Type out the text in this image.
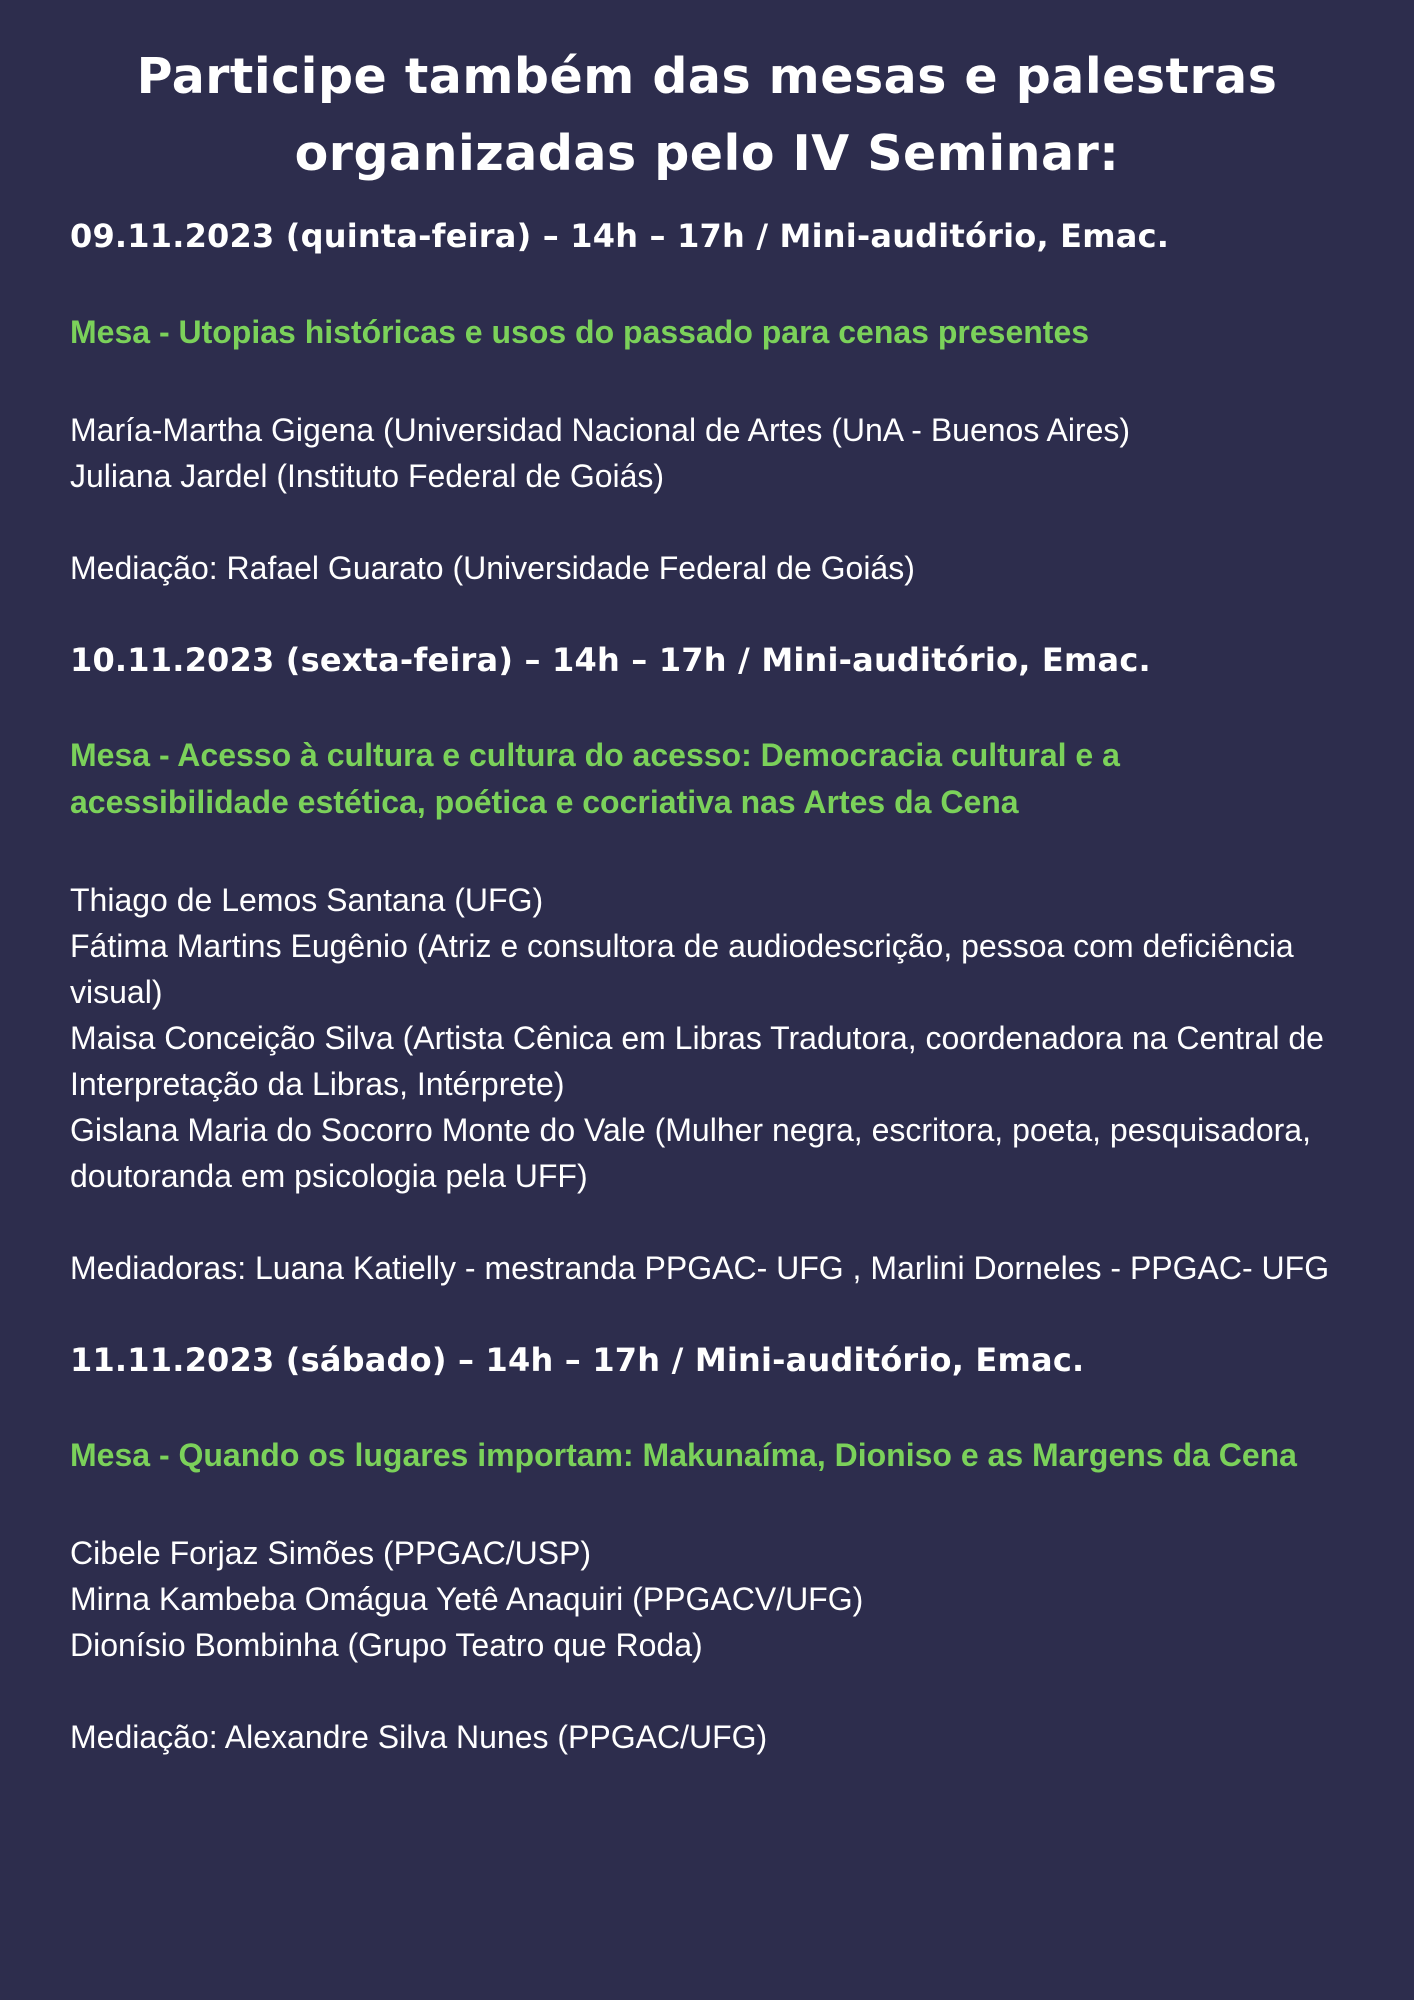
Participe também das mesas e palestras organizadas pelo IV Seminar:
09.11.2023 (quinta-feira) – 14h – 17h / Mini-auditório, Emac.
Mesa - Utopias históricas e usos do passado para cenas presentes
María-Martha Gigena (Universidad Nacional de Artes (UnA - Buenos Aires)
Juliana Jardel (Instituto Federal de Goiás)

Mediação: Rafael Guarato (Universidade Federal de Goiás)

10.11.2023 (sexta-feira) – 14h – 17h / Mini-auditório, Emac.
Mesa - Acesso à cultura e cultura do acesso: Democracia cultural e a acessibilidade estética, poética e cocriativa nas Artes da Cena
Thiago de Lemos Santana (UFG)
Fátima Martins Eugênio (Atriz e consultora de audiodescrição, pessoa com deficiência visual)
Maisa Conceição Silva (Artista Cênica em Libras Tradutora, coordenadora na Central de Interpretação da Libras, Intérprete)
Gislana Maria do Socorro Monte do Vale (Mulher negra, escritora, poeta, pesquisadora, doutoranda em psicologia pela UFF)

Mediadoras: Luana Katielly - mestranda PPGAC- UFG , Marlini Dorneles - PPGAC- UFG

11.11.2023 (sábado) – 14h – 17h / Mini-auditório, Emac.
Mesa - Quando os lugares importam: Makunaíma, Dioniso e as Margens da Cena
Cibele Forjaz Simões (PPGAC/USP)
Mirna Kambeba Omágua Yetê Anaquiri (PPGACV/UFG)
Dionísio Bombinha (Grupo Teatro que Roda)

Mediação: Alexandre Silva Nunes (PPGAC/UFG)
